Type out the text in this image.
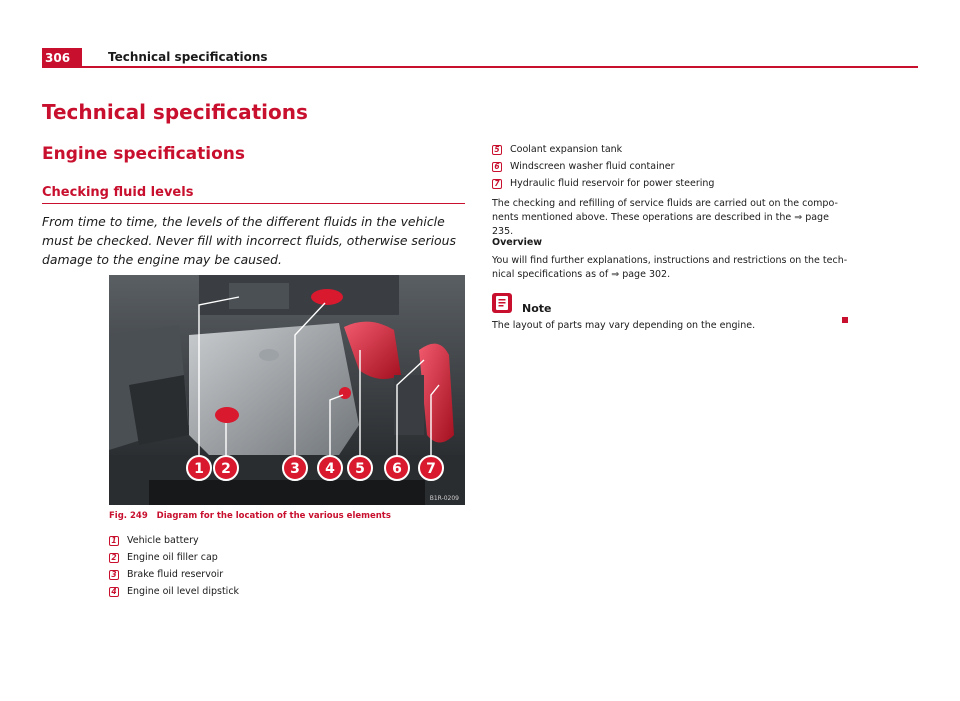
306	Technical specifications
Technical specifications
Engine specifications
Checking fluid levels
From time to time, the levels of the different fluids in the vehicle must be checked. Never fill with incorrect fluids, otherwise serious damage to the engine may be caused.
1 2	3 4 5 6 7
B1R-0209
Fig. 249 Diagram for the location of the various elements
1 Vehicle battery
2 Engine oil filler cap
3 Brake fluid reservoir
4 Engine oil level dipstick
5 Coolant expansion tank
6 Windscreen washer fluid container
7 Hydraulic fluid reservoir for power steering
The checking and refilling of service fluids are carried out on the compo-
nents mentioned above. These operations are described in the ⇒ page 235.
Overview
You will find further explanations, instructions and restrictions on the tech-
nical specifications as of ⇒ page 302.
Note
The layout of parts may vary depending on the engine.
